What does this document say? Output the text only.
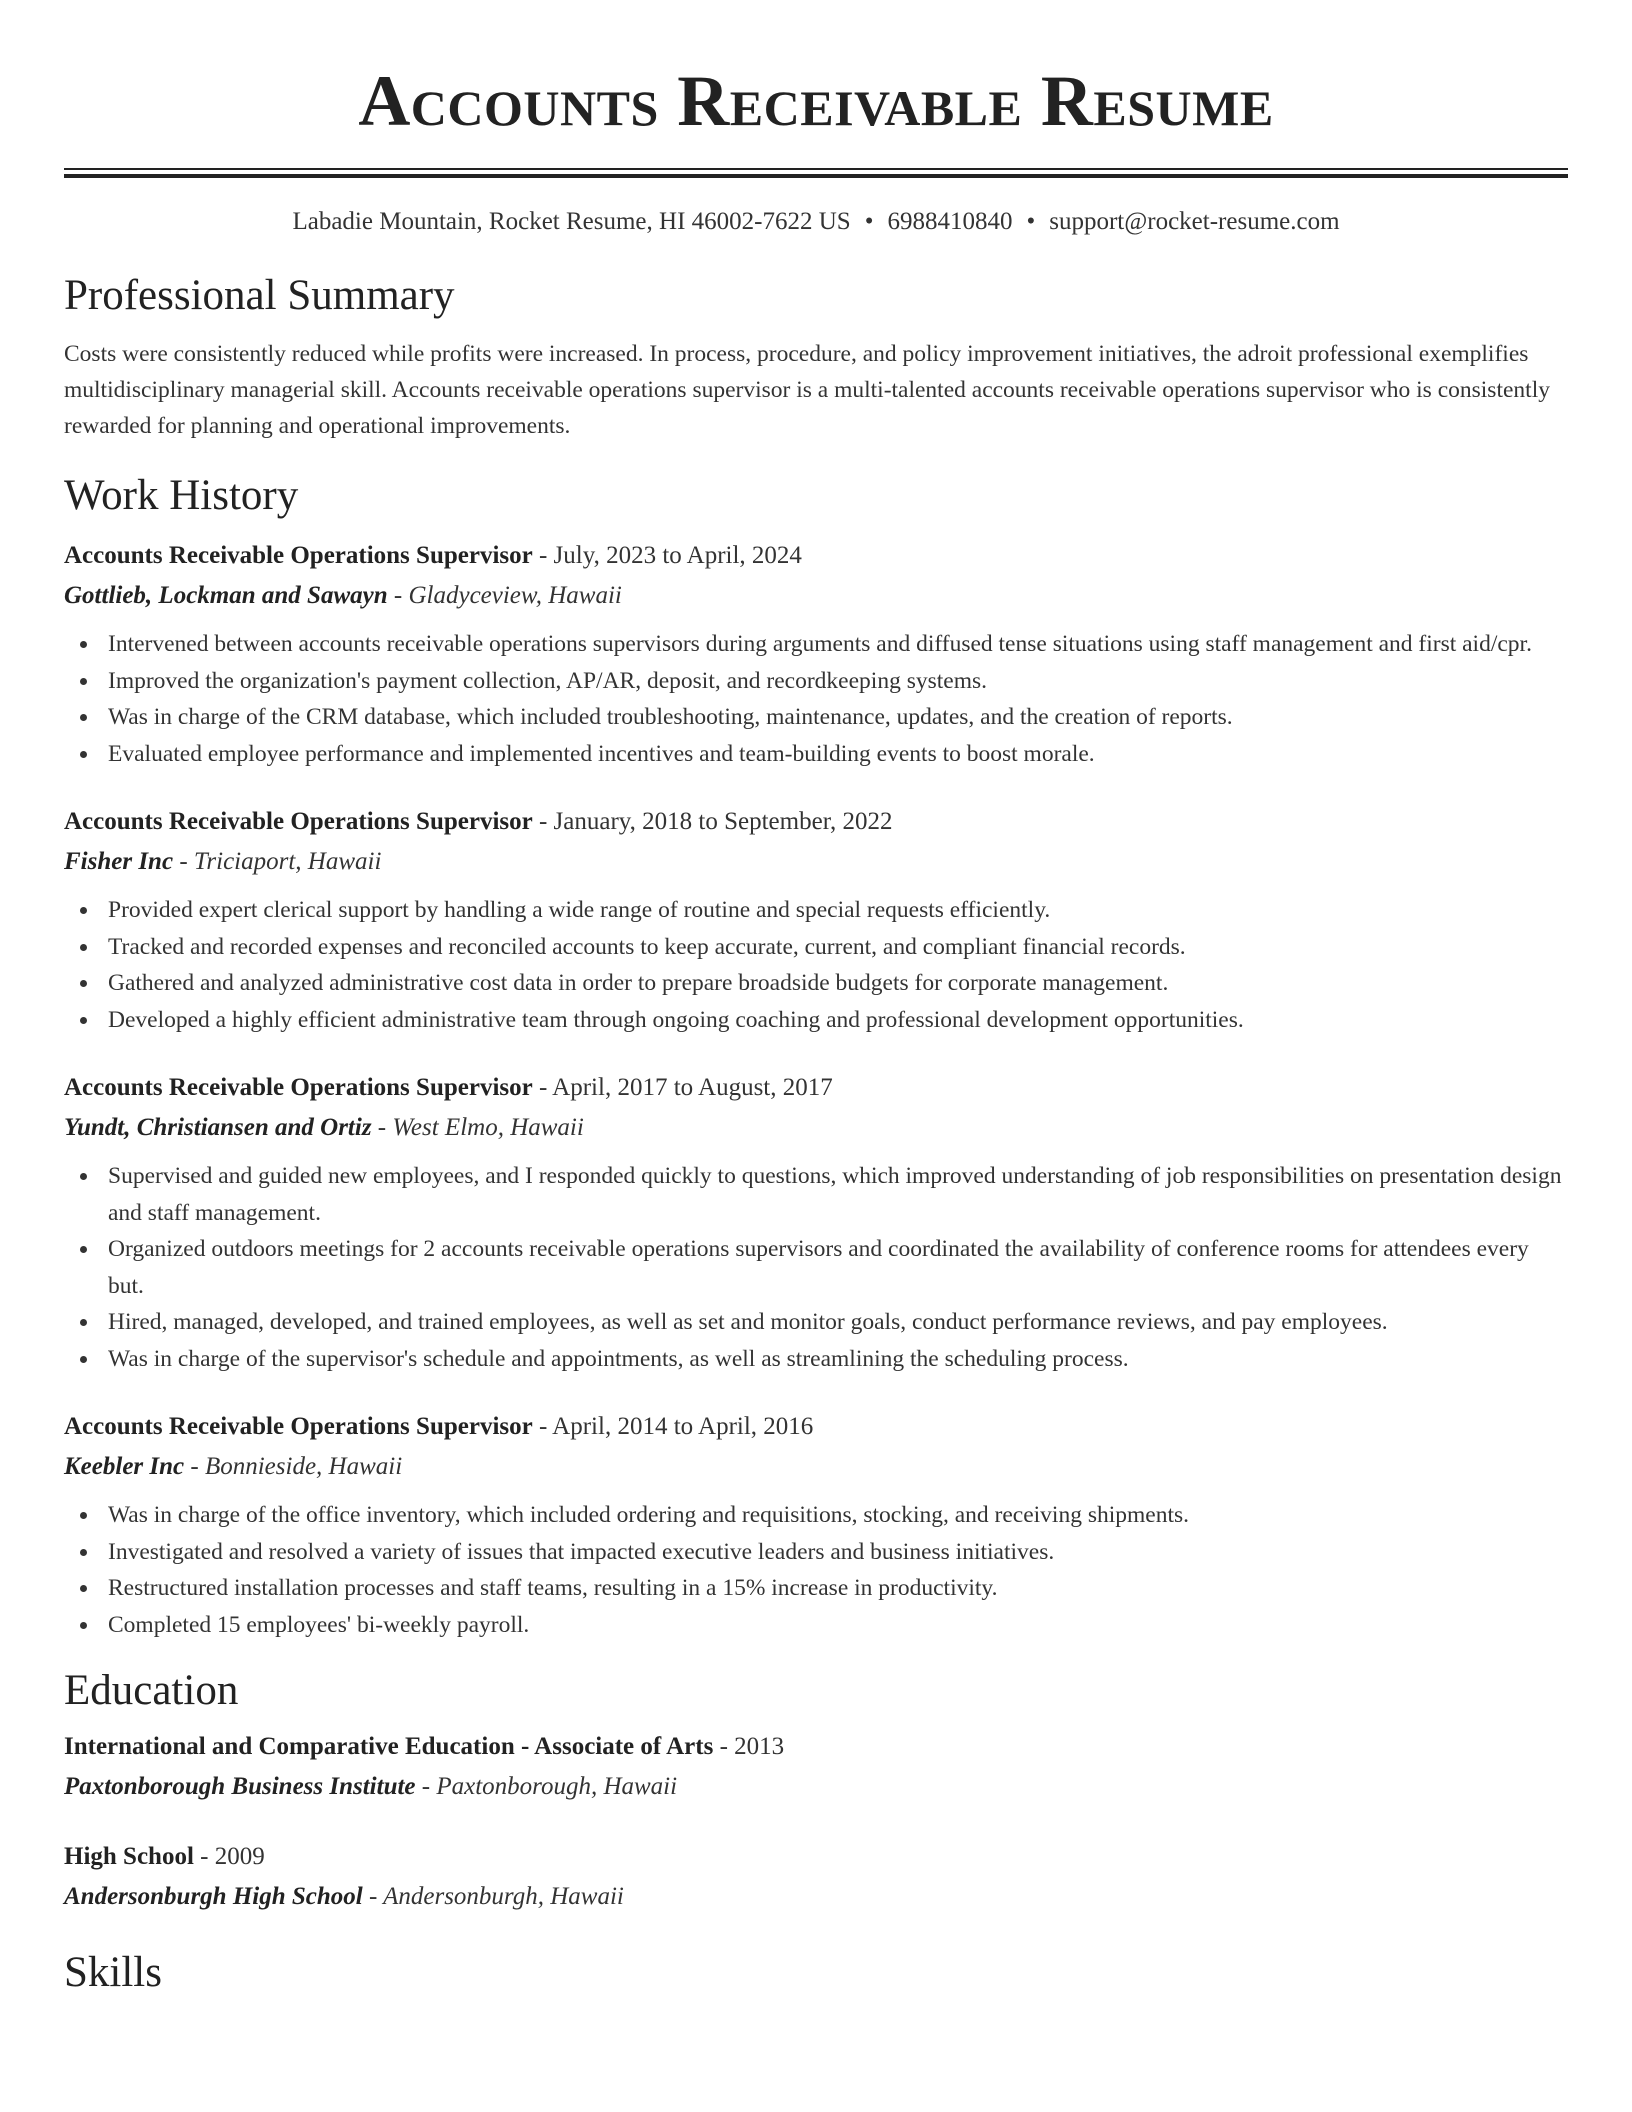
Accounts Receivable Resume
Labadie Mountain, Rocket Resume, HI 46002-7622 US • 6988410840 • support@rocket-resume.com
Professional Summary

Costs were consistently reduced while profits were increased. In process, procedure, and policy improvement initiatives, the adroit professional exemplifies multidisciplinary managerial skill. Accounts receivable operations supervisor is a multi-talented accounts receivable operations supervisor who is consistently rewarded for planning and operational improvements.

Work History
Accounts Receivable Operations Supervisor - July, 2023 to April, 2024
Gottlieb, Lockman and Sawayn - Gladyceview, Hawaii
Intervened between accounts receivable operations supervisors during arguments and diffused tense situations using staff management and first aid/cpr.
Improved the organization's payment collection, AP/AR, deposit, and recordkeeping systems.
Was in charge of the CRM database, which included troubleshooting, maintenance, updates, and the creation of reports.
Evaluated employee performance and implemented incentives and team-building events to boost morale.
Accounts Receivable Operations Supervisor - January, 2018 to September, 2022
Fisher Inc - Triciaport, Hawaii
Provided expert clerical support by handling a wide range of routine and special requests efficiently.
Tracked and recorded expenses and reconciled accounts to keep accurate, current, and compliant financial records.
Gathered and analyzed administrative cost data in order to prepare broadside budgets for corporate management.
Developed a highly efficient administrative team through ongoing coaching and professional development opportunities.
Accounts Receivable Operations Supervisor - April, 2017 to August, 2017
Yundt, Christiansen and Ortiz - West Elmo, Hawaii
Supervised and guided new employees, and I responded quickly to questions, which improved understanding of job responsibilities on presentation design and staff management.
Organized outdoors meetings for 2 accounts receivable operations supervisors and coordinated the availability of conference rooms for attendees every but.
Hired, managed, developed, and trained employees, as well as set and monitor goals, conduct performance reviews, and pay employees.
Was in charge of the supervisor's schedule and appointments, as well as streamlining the scheduling process.
Accounts Receivable Operations Supervisor - April, 2014 to April, 2016
Keebler Inc - Bonnieside, Hawaii
Was in charge of the office inventory, which included ordering and requisitions, stocking, and receiving shipments.
Investigated and resolved a variety of issues that impacted executive leaders and business initiatives.
Restructured installation processes and staff teams, resulting in a 15% increase in productivity.
Completed 15 employees' bi-weekly payroll.
Education
International and Comparative Education - Associate of Arts - 2013
Paxtonborough Business Institute - Paxtonborough, Hawaii
High School - 2009
Andersonburgh High School - Andersonburgh, Hawaii
Skills
